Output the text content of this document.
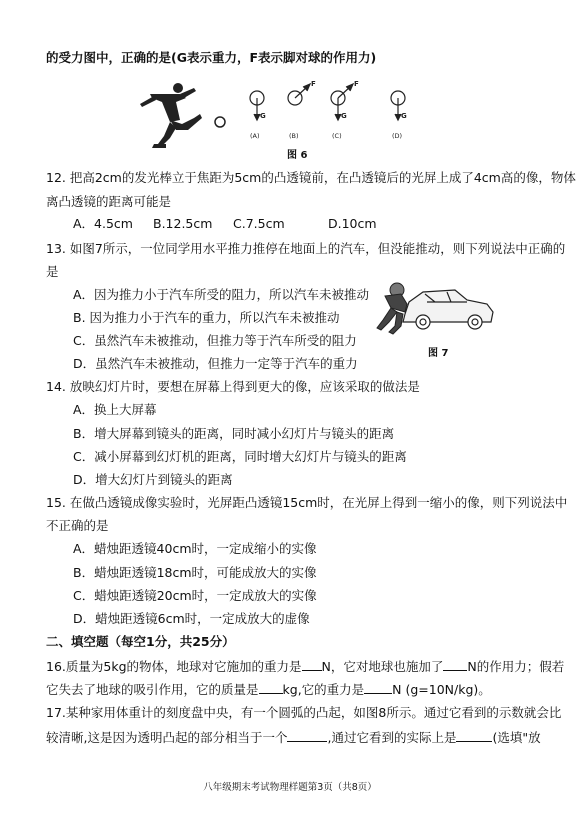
的受力图中，正确的是(G表示重力，F表示脚对球的作用力)
G
(A)
F
(B)
F
G
(C)
G
(D)
图 6
12. 把高2cm的发光棒立于焦距为5cm的凸透镜前，在凸透镜后的光屏上成了4cm高的像，物体
离凸透镜的距离可能是
A．4.5cm B.12.5cm C.7.5cm	D.10cm
13. 如图7所示，一位同学用水平推力推停在地面上的汽车，但没能推动，则下列说法中正确的
是
A．因为推力小于汽车所受的阻力，所以汽车未被推动
B. 因为推力小于汽车的重力，所以汽车未被推动
C．虽然汽车未被推动，但推力等于汽车所受的阻力
D．虽然汽车未被推动，但推力一定等于汽车的重力
图 7
14. 放映幻灯片时，要想在屏幕上得到更大的像，应该采取的做法是
A．换上大屏幕
B．增大屏幕到镜头的距离，同时减小幻灯片与镜头的距离
C．减小屏幕到幻灯机的距离，同时增大幻灯片与镜头的距离
D．增大幻灯片到镜头的距离
15. 在做凸透镜成像实验时，光屏距凸透镜15cm时，在光屏上得到一缩小的像，则下列说法中
不正确的是
A．蜡烛距透镜40cm时，一定成缩小的实像
B．蜡烛距透镜18cm时，可能成放大的实像
C．蜡烛距透镜20cm时，一定成放大的实像
D．蜡烛距透镜6cm时，一定成放大的虚像
二、填空题（每空1分，共25分）
16.质量为5kg的物体，地球对它施加的重力是 N，它对地球也施加了 N的作用力；假若
它失去了地球的吸引作用，它的质量是 kg,它的重力是 N (g=10N/kg)。
17.某种家用体重计的刻度盘中央，有一个圆弧的凸起，如图8所示。通过它看到的示数就会比
较清晰,这是因为透明凸起的部分相当于一个	,通过它看到的实际上是	(选填"放
八年级期末考试物理样题第3页（共8页）
